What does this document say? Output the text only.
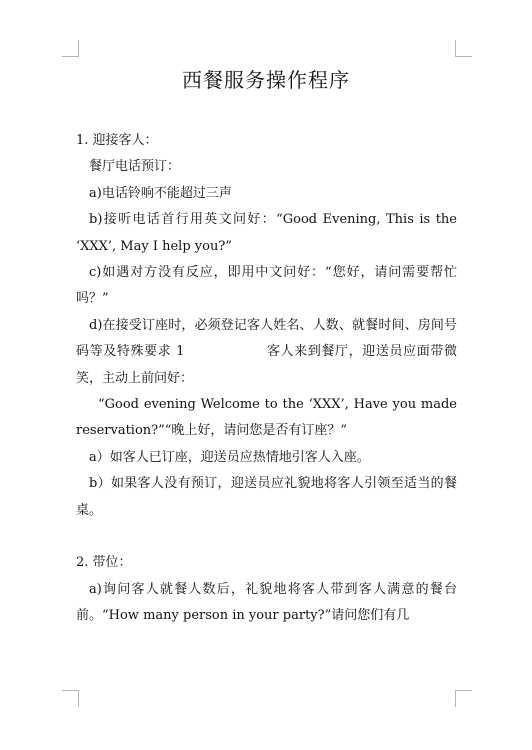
西餐服务操作程序

1. 迎接客人：

餐厅电话预订：

a)电话铃响不能超过三声

b)接听电话首行用英文问好：“Good Evening, This is the ‘XXX’, May I help you?”

c)如遇对方没有反应，即用中文问好：“您好，请问需要帮忙吗？”

d)在接受订座时，必须登记客人姓名、人数、就餐时间、房间号码等及特殊要求 1　　　　　　客人来到餐厅，迎送员应面带微笑，主动上前问好：

“Good evening Welcome to the ‘XXX’, Have you made reservation?”“晚上好，请问您是否有订座？”

a）如客人已订座，迎送员应热情地引客人入座。

b）如果客人没有预订，迎送员应礼貌地将客人引领至适当的餐桌。

2. 带位：

a)询问客人就餐人数后，礼貌地将客人带到客人满意的餐台前。“How many person in your party?”请问您们有几
